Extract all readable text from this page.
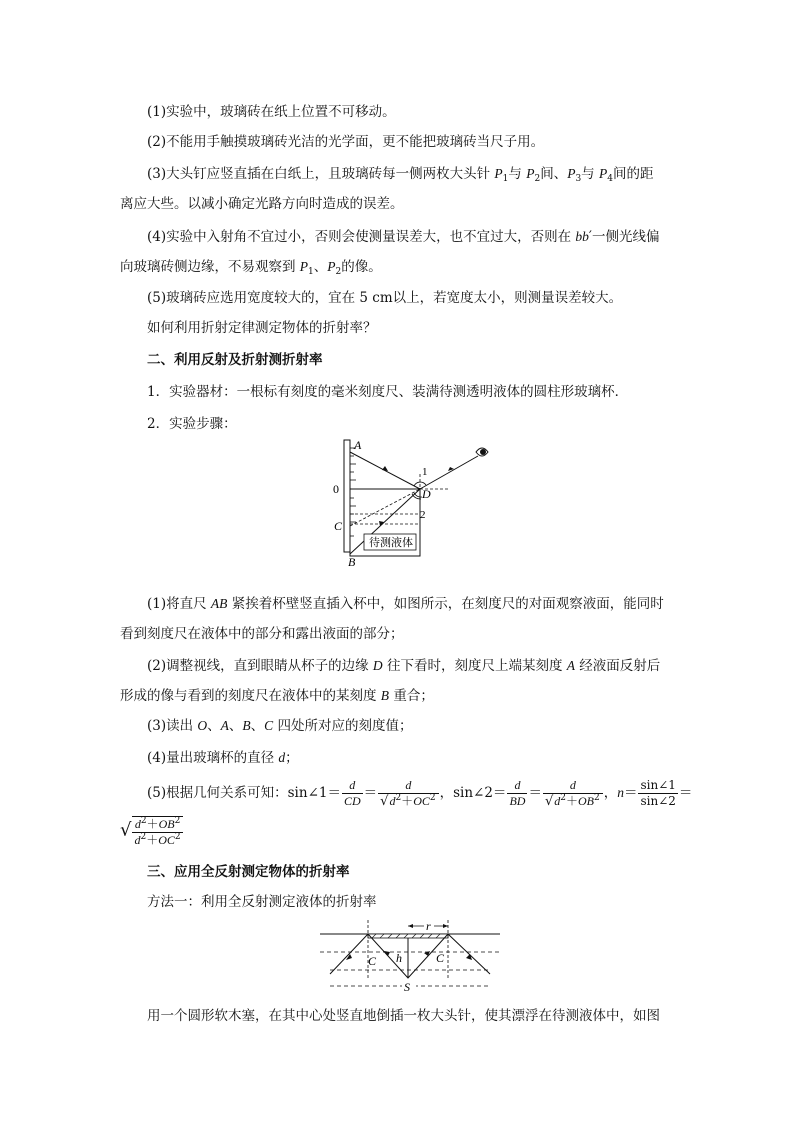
(1)实验中，玻璃砖在纸上位置不可移动。
(2)不能用手触摸玻璃砖光洁的光学面，更不能把玻璃砖当尺子用。
(3)大头钉应竖直插在白纸上，且玻璃砖每一侧两枚大头针 $P_1$与 $P_2$间、$P_3$与 $P_4$间的距
离应大些。以减小确定光路方向时造成的误差。
(4)实验中入射角不宜过小，否则会使测量误差大，也不宜过大，否则在 bb′一侧光线偏
向玻璃砖侧边缘，不易观察到 $P_1$、$P_2$的像。
(5)玻璃砖应选用宽度较大的，宜在 5 cm以上，若宽度太小，则测量误差较大。
如何利用折射定律测定物体的折射率？
二、利用反射及折射测折射率
1．实验器材：一根标有刻度的毫米刻度尺、装满待测透明液体的圆柱形玻璃杯．
2．实验步骤：
A
0
C
B
D
1
2
待测液体
(1)将直尺 AB 紧挨着杯壁竖直插入杯中，如图所示，在刻度尺的对面观察液面，能同时
看到刻度尺在液体中的部分和露出液面的部分；
(2)调整视线，直到眼睛从杯子的边缘 D 往下看时，刻度尺上端某刻度 A 经液面反射后
形成的像与看到的刻度尺在液体中的某刻度 B 重合；
(3)读出 O、A、B、C 四处所对应的刻度值；
(4)量出玻璃杯的直径 d；
(5)根据几何关系可知：sin∠1＝ $\frac{d}{CD} = \frac{d}{√d^2+OC^2}$ ，sin∠2＝ $\frac{d}{BD} = \frac{d}{√d^2+OB^2}$ ，$n= \frac{\sin\angle 1}{\sin\angle 2}$ ＝
√ $\frac{d^2+OB^2}{d^2+OC^2}$
三、应用全反射测定物体的折射率
方法一：利用全反射测定液体的折射率
r
C h	C
S
用一个圆形软木塞，在其中心处竖直地倒插一枚大头针，使其漂浮在待测液体中，如图
